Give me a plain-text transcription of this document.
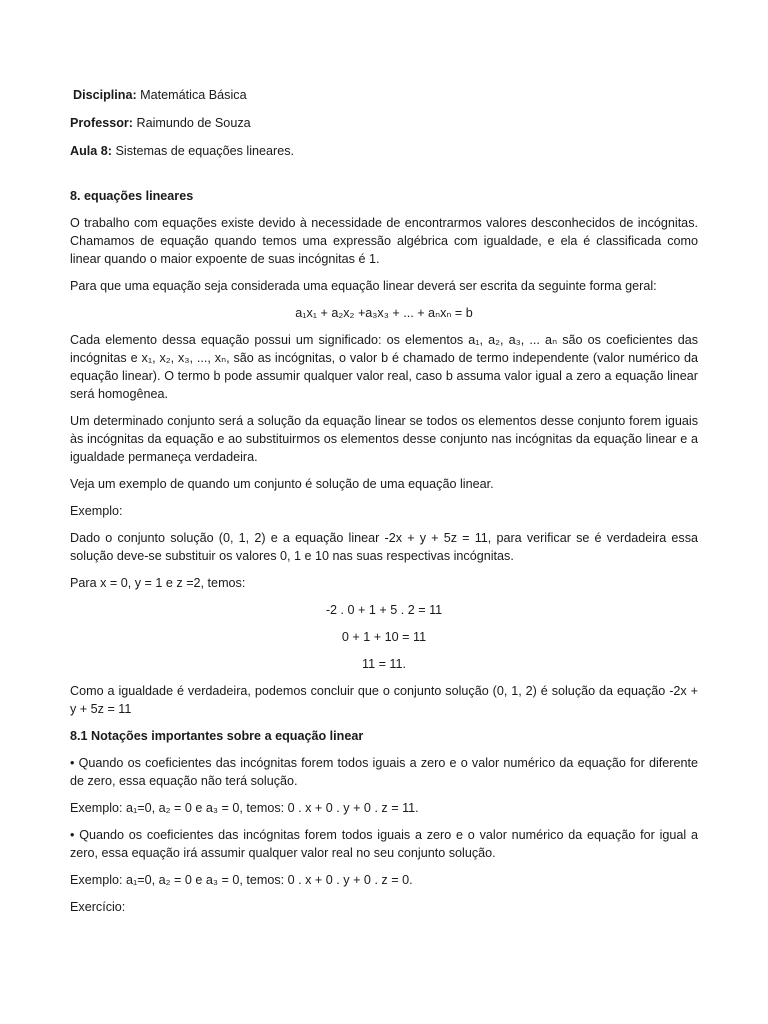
Disciplina: Matemática Básica

Professor: Raimundo de Souza

Aula 8: Sistemas de equações lineares.

8. equações lineares

O trabalho com equações existe devido à necessidade de encontrarmos valores desconhecidos de incógnitas. Chamamos de equação quando temos uma expressão algébrica com igualdade, e ela é classificada como linear quando o maior expoente de suas incógnitas é 1.

Para que uma equação seja considerada uma equação linear deverá ser escrita da seguinte forma geral:

a₁x₁ + a₂x₂ +a₃x₃ + ... + aₙxₙ = b

Cada elemento dessa equação possui um significado: os elementos a₁, a₂, a₃, ... aₙ são os coeficientes das incógnitas e x₁, x₂, x₃, ..., xₙ, são as incógnitas, o valor b é chamado de termo independente (valor numérico da equação linear). O termo b pode assumir qualquer valor real, caso b assuma valor igual a zero a equação linear será homogênea.

Um determinado conjunto será a solução da equação linear se todos os elementos desse conjunto forem iguais às incógnitas da equação e ao substituirmos os elementos desse conjunto nas incógnitas da equação linear e a igualdade permaneça verdadeira.

Veja um exemplo de quando um conjunto é solução de uma equação linear.

Exemplo:

Dado o conjunto solução (0, 1, 2) e a equação linear -2x + y + 5z = 11, para verificar se é verdadeira essa solução deve-se substituir os valores 0, 1 e 10 nas suas respectivas incógnitas.

Para x = 0, y = 1 e z =2, temos:

-2 . 0 + 1 + 5 . 2 = 11

0 + 1 + 10 = 11

11 = 11.

Como a igualdade é verdadeira, podemos concluir que o conjunto solução (0, 1, 2) é solução da equação -2x + y + 5z = 11

8.1 Notações importantes sobre a equação linear

• Quando os coeficientes das incógnitas forem todos iguais a zero e o valor numérico da equação for diferente de zero, essa equação não terá solução.

Exemplo: a₁=0, a₂ = 0 e a₃ = 0, temos: 0 . x + 0 . y + 0 . z = 11.

• Quando os coeficientes das incógnitas forem todos iguais a zero e o valor numérico da equação for igual a zero, essa equação irá assumir qualquer valor real no seu conjunto solução.

Exemplo: a₁=0, a₂ = 0 e a₃ = 0, temos: 0 . x + 0 . y + 0 . z = 0.

Exercício:
